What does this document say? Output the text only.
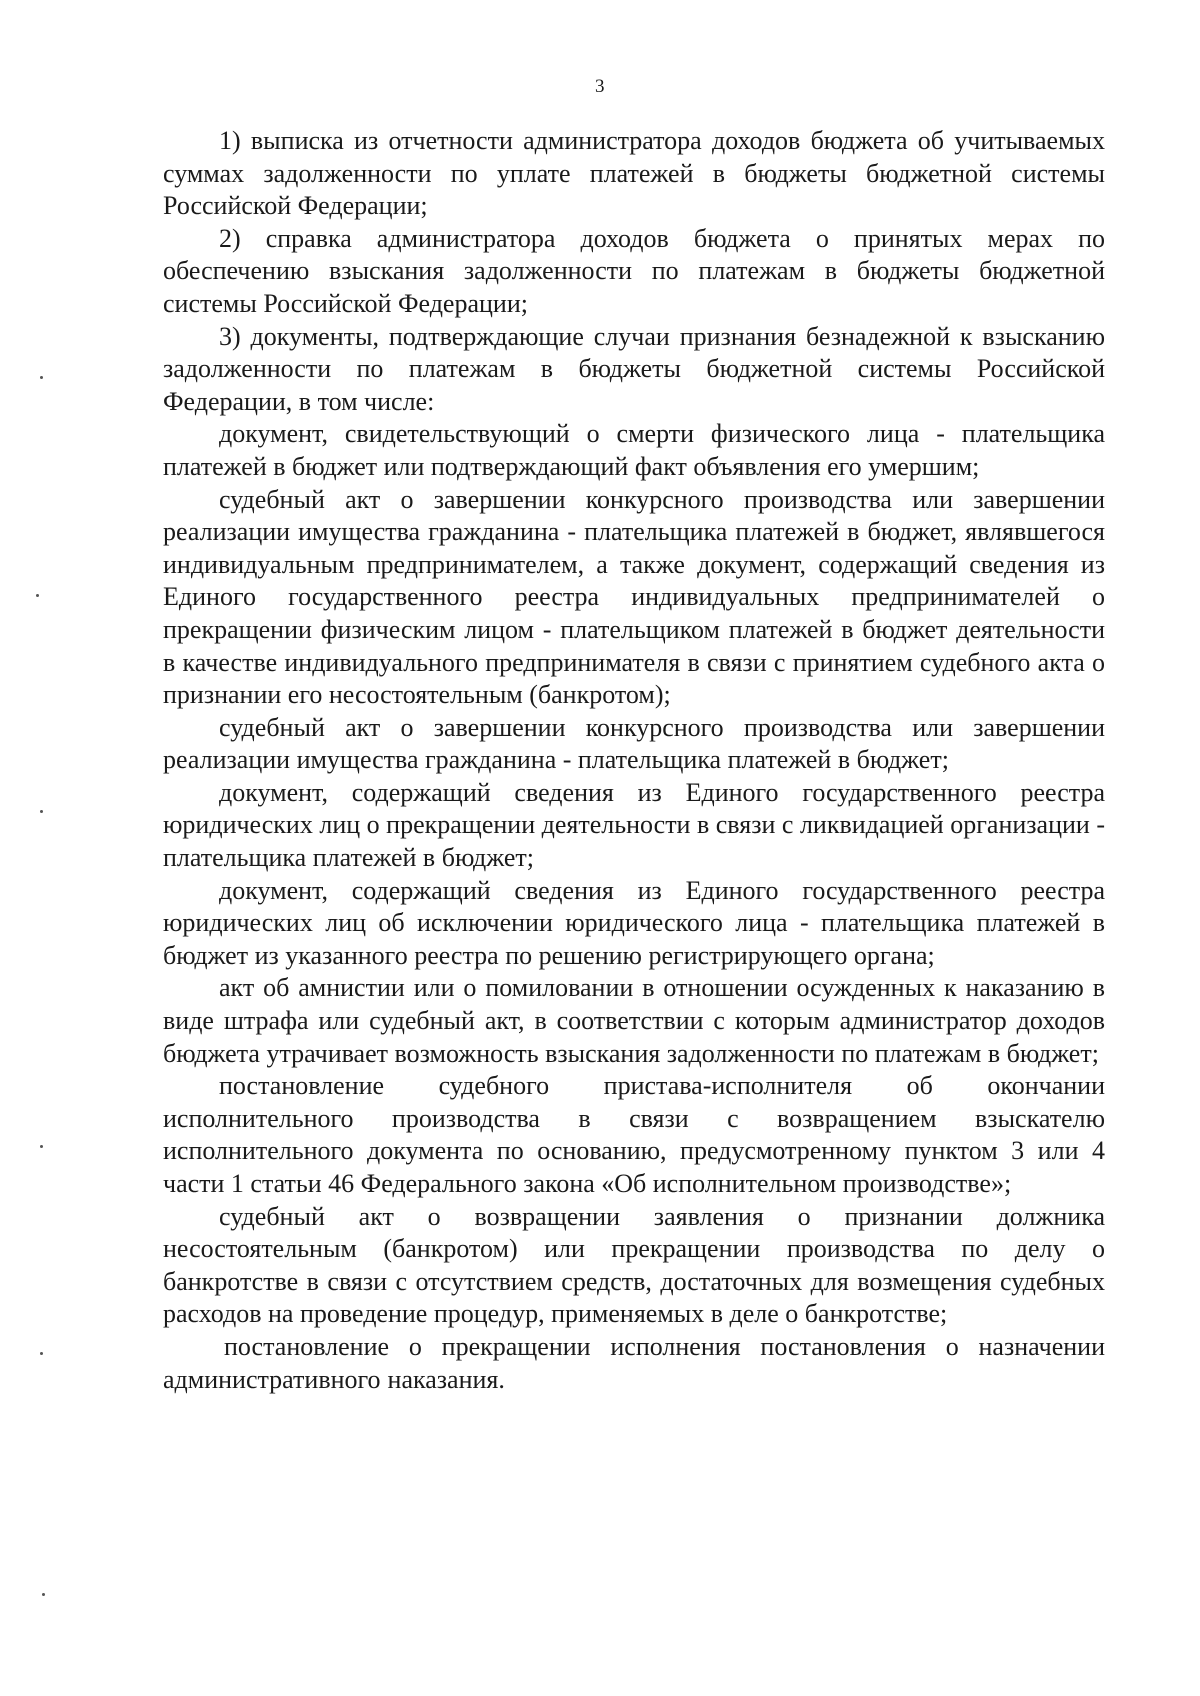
3

1) выписка из отчетности администратора доходов бюджета об учитываемых суммах задолженности по уплате платежей в бюджеты бюджетной системы Российской Федерации;

2) справка администратора доходов бюджета о принятых мерах по обеспечению взыскания задолженности по платежам в бюджеты бюджетной системы Российской Федерации;

3) документы, подтверждающие случаи признания безнадежной к взысканию задолженности по платежам в бюджеты бюджетной системы Российской Федерации, в том числе:

документ, свидетельствующий о смерти физического лица - плательщика платежей в бюджет или подтверждающий факт объявления его умершим;

судебный акт о завершении конкурсного производства или завершении реализации имущества гражданина - плательщика платежей в бюджет, являвшегося индивидуальным предпринимателем, а также документ, содержащий сведения из Единого государственного реестра индивидуальных предпринимателей о прекращении физическим лицом - плательщиком платежей в бюджет деятельности в качестве индивидуального предпринимателя в связи с принятием судебного акта о признании его несостоятельным (банкротом);

судебный акт о завершении конкурсного производства или завершении реализации имущества гражданина - плательщика платежей в бюджет;

документ, содержащий сведения из Единого государственного реестра юридических лиц о прекращении деятельности в связи с ликвидацией организации - плательщика платежей в бюджет;

документ, содержащий сведения из Единого государственного реестра юридических лиц об исключении юридического лица - плательщика платежей в бюджет из указанного реестра по решению регистрирующего органа;

акт об амнистии или о помиловании в отношении осужденных к наказанию в виде штрафа или судебный акт, в соответствии с которым администратор доходов бюджета утрачивает возможность взыскания задолженности по платежам в бюджет;

постановление судебного пристава-исполнителя об окончании исполнительного производства в связи с возвращением взыскателю исполнительного документа по основанию, предусмотренному пунктом 3 или 4 части 1 статьи 46 Федерального закона «Об исполнительном производстве»;

судебный акт о возвращении заявления о признании должника несостоятельным (банкротом) или прекращении производства по делу о банкротстве в связи с отсутствием средств, достаточных для возмещения судебных расходов на проведение процедур, применяемых в деле о банкротстве;

постановление о прекращении исполнения постановления о назначении административного наказания.
